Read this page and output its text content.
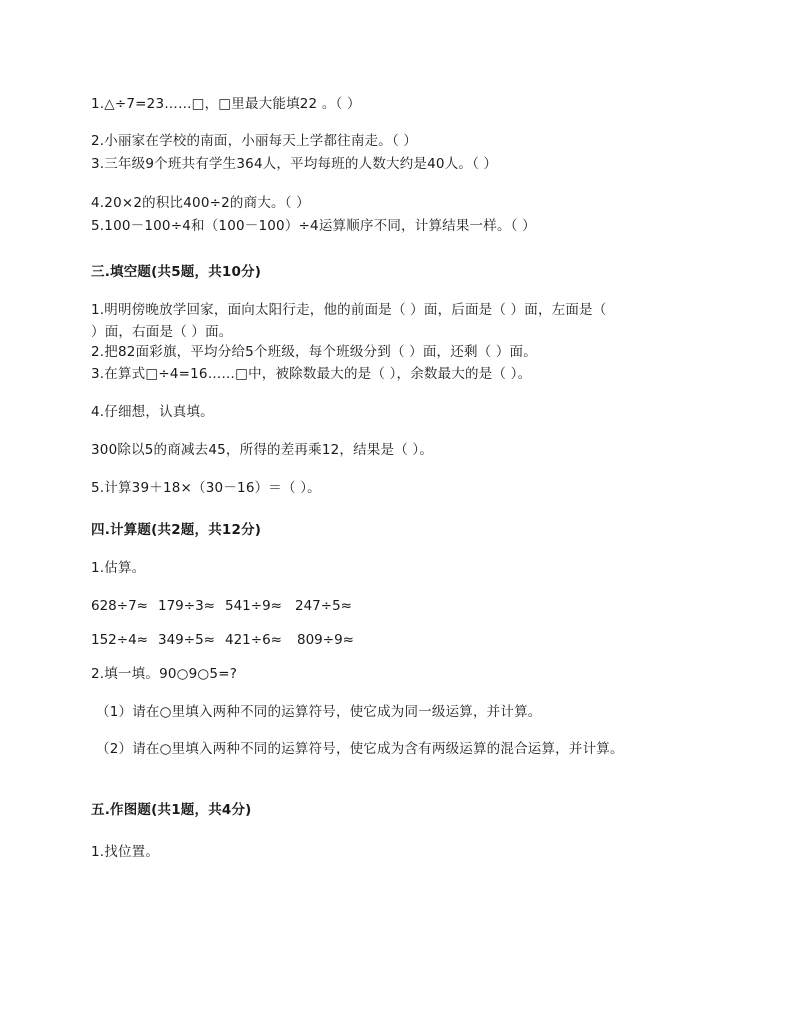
1.△÷7=23……□，□里最大能填22 。（ ）
2.小丽家在学校的南面，小丽每天上学都往南走。（ ）
3.三年级9个班共有学生364人，平均每班的人数大约是40人。（ ）
4.20×2的积比400÷2的商大。（ ）
5.100－100÷4和（100－100）÷4运算顺序不同，计算结果一样。（ ）
三.填空题(共5题，共10分)
1.明明傍晚放学回家，面向太阳行走，他的前面是（ ）面，后面是（ ）面，左面是（
）面，右面是（ ）面。
2.把82面彩旗，平均分给5个班级，每个班级分到（ ）面，还剩（ ）面。
3.在算式□÷4=16……□中，被除数最大的是（ ），余数最大的是（ ）。
4.仔细想，认真填。
300除以5的商减去45，所得的差再乘12，结果是（ ）。
5.计算39＋18×（30－16）＝（ ）。
四.计算题(共2题，共12分)
1.估算。
628÷7≈ 179÷3≈ 541÷9≈ 247÷5≈
152÷4≈ 349÷5≈ 421÷6≈ 809÷9≈
2.填一填。90○9○5=?
（1）请在○里填入两种不同的运算符号，使它成为同一级运算，并计算。
（2）请在○里填入两种不同的运算符号，使它成为含有两级运算的混合运算，并计算。
五.作图题(共1题，共4分)
1.找位置。
